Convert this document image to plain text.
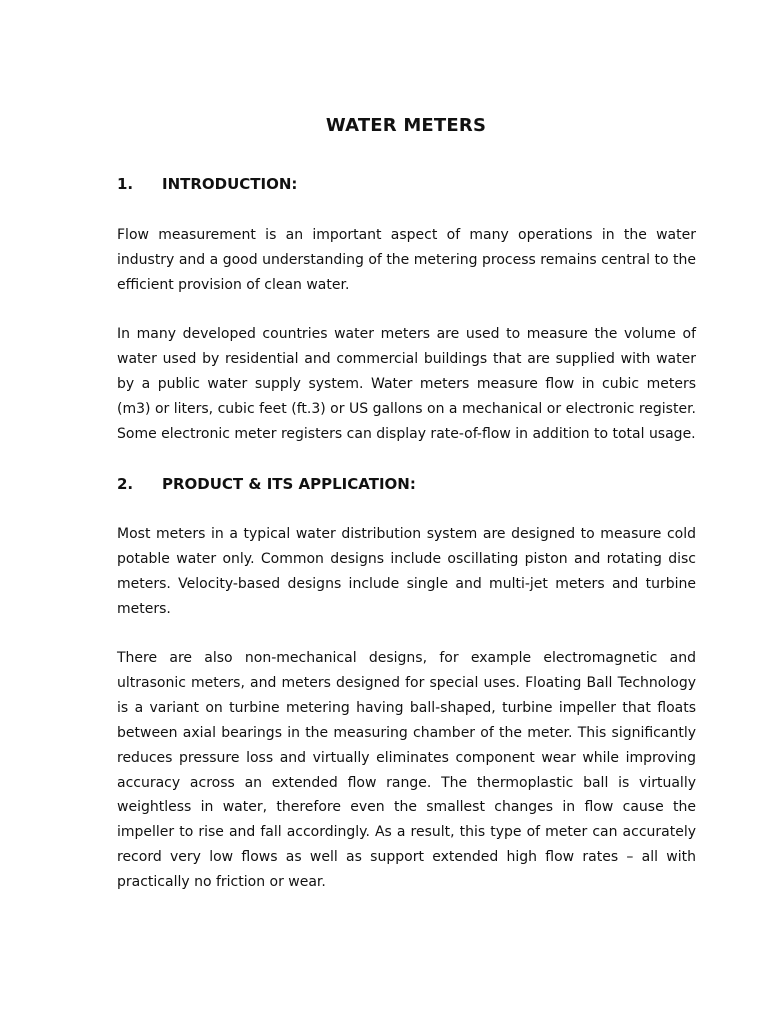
WATER METERS
1.	INTRODUCTION:

Flow measurement is an important aspect of many operations in the water industry and a good understanding of the metering process remains central to the efficient provision of clean water.

In many developed countries water meters are used to measure the volume of water used by residential and commercial buildings that are supplied with water by a public water supply system. Water meters measure flow in cubic meters (m3) or liters, cubic feet (ft.3) or US gallons on a mechanical or electronic register. Some electronic meter registers can display rate-of-flow in addition to total usage.

2.	PRODUCT & ITS APPLICATION:

Most meters in a typical water distribution system are designed to measure cold potable water only. Common designs include oscillating piston and rotating disc meters. Velocity-based designs include single and multi-jet meters and turbine meters.

There are also non-mechanical designs, for example electromagnetic and ultrasonic meters, and meters designed for special uses. Floating Ball Technology is a variant on turbine metering having ball-shaped, turbine impeller that floats between axial bearings in the measuring chamber of the meter. This significantly reduces pressure loss and virtually eliminates component wear while improving accuracy across an extended flow range. The thermoplastic ball is virtually weightless in water, therefore even the smallest changes in flow cause the impeller to rise and fall accordingly. As a result, this type of meter can accurately record very low flows as well as support extended high flow rates – all with practically no friction or wear.
